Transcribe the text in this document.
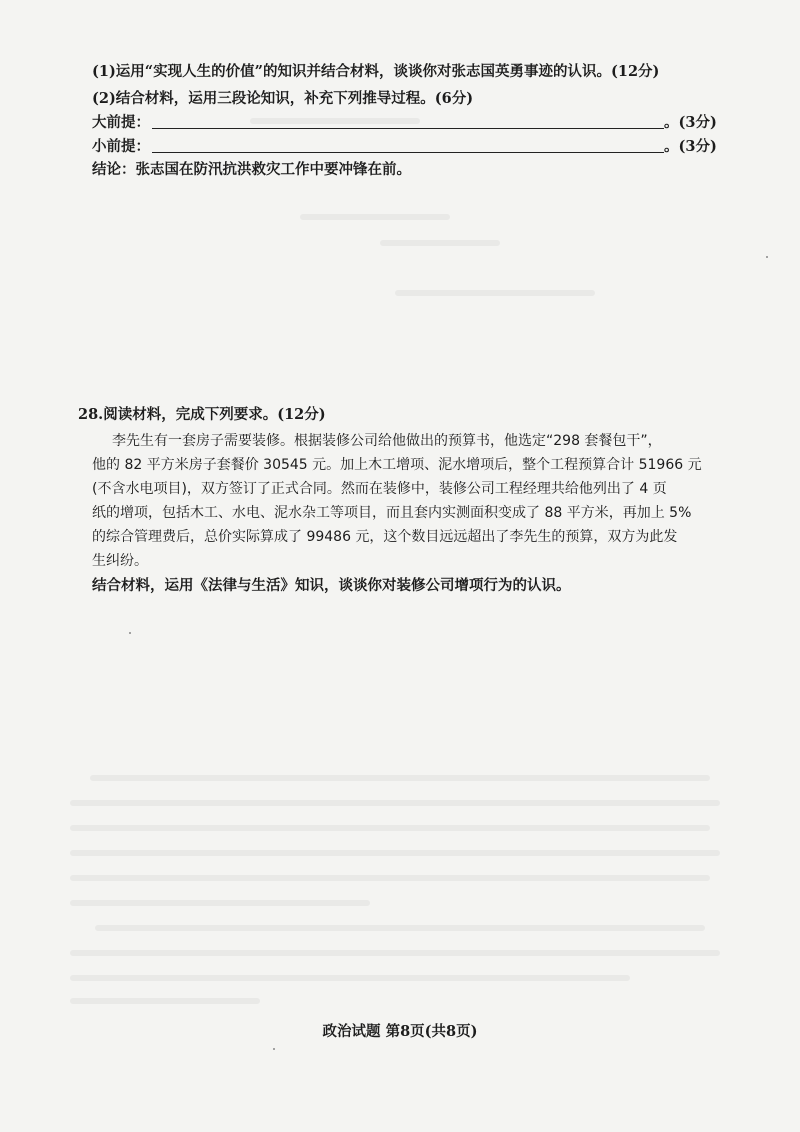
(1)运用“实现人生的价值”的知识并结合材料，谈谈你对张志国英勇事迹的认识。(12分)
(2)结合材料，运用三段论知识，补充下列推导过程。(6分)
大前提：	。(3分)
小前提：	。(3分)
结论：张志国在防汛抗洪救灾工作中要冲锋在前。
28.阅读材料，完成下列要求。(12分)
李先生有一套房子需要装修。根据装修公司给他做出的预算书，他选定“298 套餐包干”，
他的 82 平方米房子套餐价 30545 元。加上木工增项、泥水增项后，整个工程预算合计 51966 元
(不含水电项目)，双方签订了正式合同。然而在装修中，装修公司工程经理共给他列出了 4 页
纸的增项，包括木工、水电、泥水杂工等项目，而且套内实测面积变成了 88 平方米，再加上 5%
的综合管理费后，总价实际算成了 99486 元，这个数目远远超出了李先生的预算，双方为此发
生纠纷。
结合材料，运用《法律与生活》知识，谈谈你对装修公司增项行为的认识。
政治试题 第8页(共8页)
